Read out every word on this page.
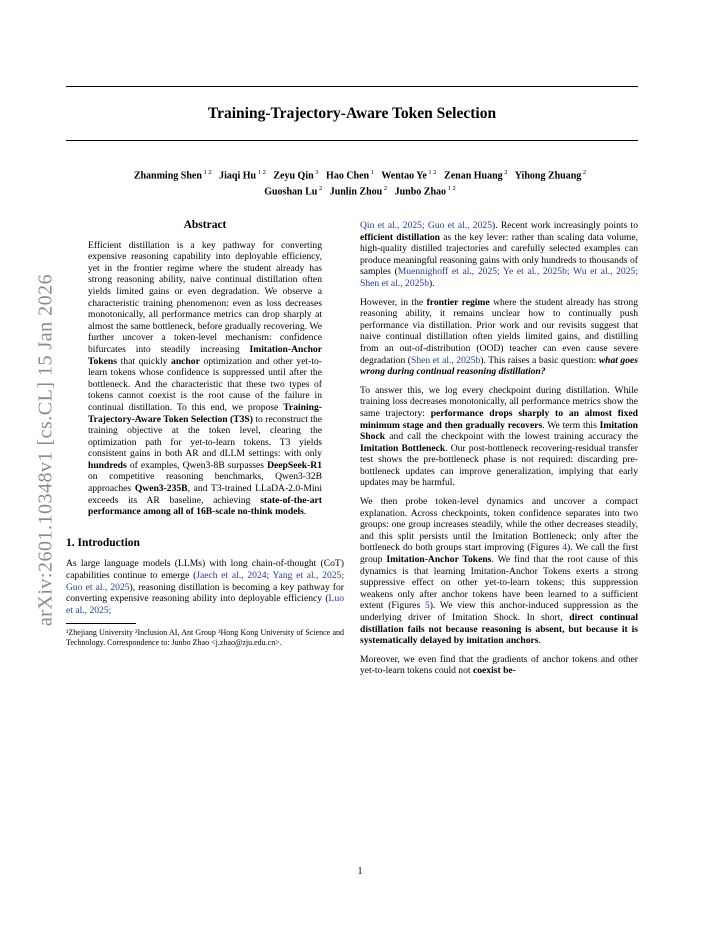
Training-Trajectory-Aware Token Selection
Zhanming Shen $^{1 2}$ Jiaqi Hu $^{1 2}$ Zeyu Qin $^3$ Hao Chen $^1$ Wentao Ye $^{1 2}$ Zenan Huang $^2$ Yihong Zhuang $^2$
Guoshan Lu $^2$ Junlin Zhou $^2$ Junbo Zhao $^{1 2}$
arXiv:2601.10348v1 [cs.CL] 15 Jan 2026
Abstract

Efficient distillation is a key pathway for converting expensive reasoning capability into deployable efficiency, yet in the frontier regime where the student already has strong reasoning ability, naive continual distillation often yields limited gains or even degradation. We observe a characteristic training phenomenon: even as loss decreases monotonically, all performance metrics can drop sharply at almost the same bottleneck, before gradually recovering. We further uncover a token-level mechanism: confidence bifurcates into steadily increasing Imitation-Anchor Tokens that quickly anchor optimization and other yet-to-learn tokens whose confidence is suppressed until after the bottleneck. And the characteristic that these two types of tokens cannot coexist is the root cause of the failure in continual distillation. To this end, we propose Training-Trajectory-Aware Token Selection (T3S) to reconstruct the training objective at the token level, clearing the optimization path for yet-to-learn tokens. T3 yields consistent gains in both AR and dLLM settings: with only hundreds of examples, Qwen3-8B surpasses DeepSeek-R1 on competitive reasoning benchmarks, Qwen3-32B approaches Qwen3-235B, and T3-trained LLaDA-2.0-Mini exceeds its AR baseline, achieving state-of-the-art performance among all of 16B-scale no-think models.

1. Introduction

As large language models (LLMs) with long chain-of-thought (CoT) capabilities continue to emerge (Jaech et al., 2024; Yang et al., 2025; Guo et al., 2025), reasoning distillation is becoming a key pathway for converting expensive reasoning ability into deployable efficiency (Luo et al., 2025;

¹Zhejiang University ²Inclusion AI, Ant Group ³Hong Kong University of Science and Technology. Correspondence to: Junbo Zhao <j.zhao@zju.edu.cn>.

Qin et al., 2025; Guo et al., 2025). Recent work increasingly points to efficient distillation as the key lever: rather than scaling data volume, high-quality distilled trajectories and carefully selected examples can produce meaningful reasoning gains with only hundreds to thousands of samples (Muennighoff et al., 2025; Ye et al., 2025b; Wu et al., 2025; Shen et al., 2025b).

However, in the frontier regime where the student already has strong reasoning ability, it remains unclear how to continually push performance via distillation. Prior work and our revisits suggest that naive continual distillation often yields limited gains, and distilling from an out-of-distribution (OOD) teacher can even cause severe degradation (Shen et al., 2025b). This raises a basic question: what goes wrong during continual reasoning distillation?

To answer this, we log every checkpoint during distillation. While training loss decreases monotonically, all performance metrics show the same trajectory: performance drops sharply to an almost fixed minimum stage and then gradually recovers. We term this Imitation Shock and call the checkpoint with the lowest training accuracy the Imitation Bottleneck. Our post-bottleneck recovering-residual transfer test shows the pre-bottleneck phase is not required: discarding pre-bottleneck updates can improve generalization, implying that early updates may be harmful.

We then probe token-level dynamics and uncover a compact explanation. Across checkpoints, token confidence separates into two groups: one group increases steadily, while the other decreases steadily, and this split persists until the Imitation Bottleneck; only after the bottleneck do both groups start improving (Figures 4). We call the first group Imitation-Anchor Tokens. We find that the root cause of this dynamics is that learning Imitation-Anchor Tokens exerts a strong suppressive effect on other yet-to-learn tokens; this suppression weakens only after anchor tokens have been learned to a sufficient extent (Figures 5). We view this anchor-induced suppression as the underlying driver of Imitation Shock. In short, direct continual distillation fails not because reasoning is absent, but because it is systematically delayed by imitation anchors.

Moreover, we even find that the gradients of anchor tokens and other yet-to-learn tokens could not coexist be-

1
